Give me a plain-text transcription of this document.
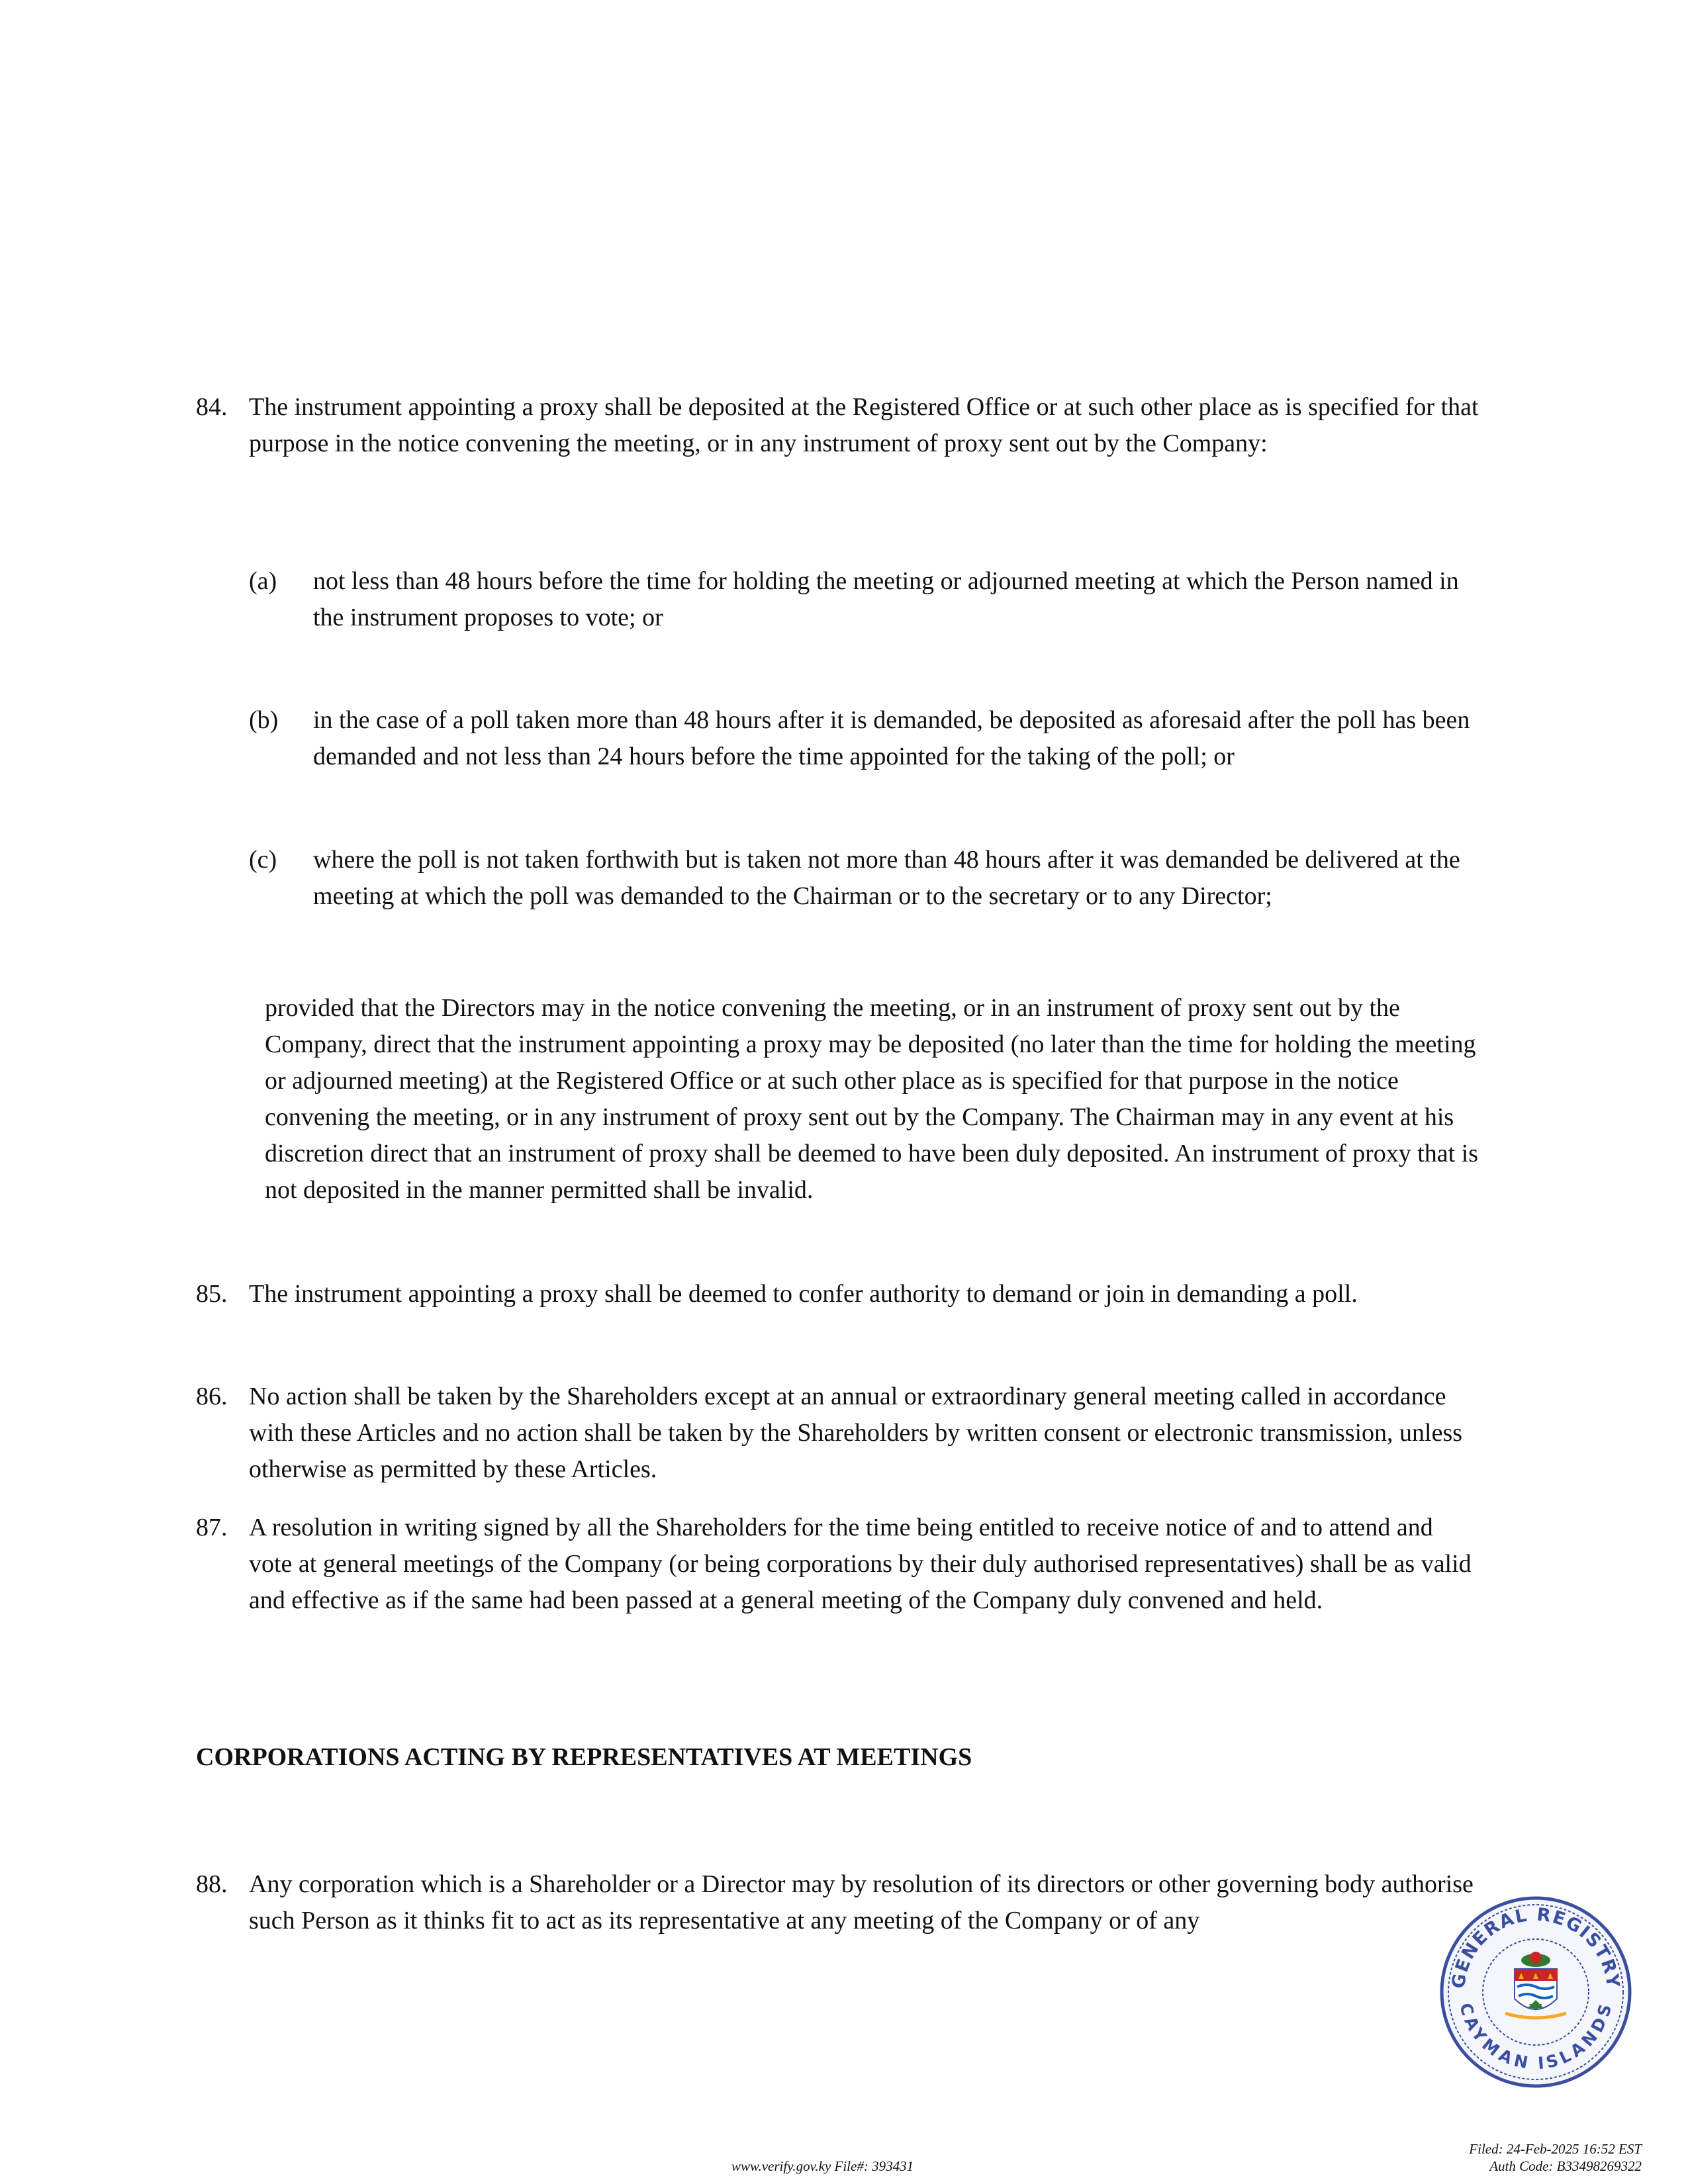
84. The instrument appointing a proxy shall be deposited at the Registered Office or at such other place as is specified for that purpose in the notice convening the meeting, or in any instrument of proxy sent out by the Company:

(a) not less than 48 hours before the time for holding the meeting or adjourned meeting at which the Person named in the instrument proposes to vote; or

(b) in the case of a poll taken more than 48 hours after it is demanded, be deposited as aforesaid after the poll has been demanded and not less than 24 hours before the time appointed for the taking of the poll; or

(c) where the poll is not taken forthwith but is taken not more than 48 hours after it was demanded be delivered at the meeting at which the poll was demanded to the Chairman or to the secretary or to any Director;

provided that the Directors may in the notice convening the meeting, or in an instrument of proxy sent out by the Company, direct that the instrument appointing a proxy may be deposited (no later than the time for holding the meeting or adjourned meeting) at the Registered Office or at such other place as is specified for that purpose in the notice convening the meeting, or in any instrument of proxy sent out by the Company. The Chairman may in any event at his discretion direct that an instrument of proxy shall be deemed to have been duly deposited. An instrument of proxy that is not deposited in the manner permitted shall be invalid.

85. The instrument appointing a proxy shall be deemed to confer authority to demand or join in demanding a poll.

86. No action shall be taken by the Shareholders except at an annual or extraordinary general meeting called in accordance with these Articles and no action shall be taken by the Shareholders by written consent or electronic transmission, unless otherwise as permitted by these Articles.

87. A resolution in writing signed by all the Shareholders for the time being entitled to receive notice of and to attend and vote at general meetings of the Company (or being corporations by their duly authorised representatives) shall be as valid and effective as if the same had been passed at a general meeting of the Company duly convened and held.

CORPORATIONS ACTING BY REPRESENTATIVES AT MEETINGS
88. Any corporation which is a Shareholder or a Director may by resolution of its directors or other governing body authorise such Person as it thinks fit to act as its representative at any meeting of the Company or of any

GENERAL REGISTRY
CAYMAN ISLANDS
www.verify.gov.ky File#: 393431
Filed: 24-Feb-2025 16:52 EST
Auth Code: B33498269322
